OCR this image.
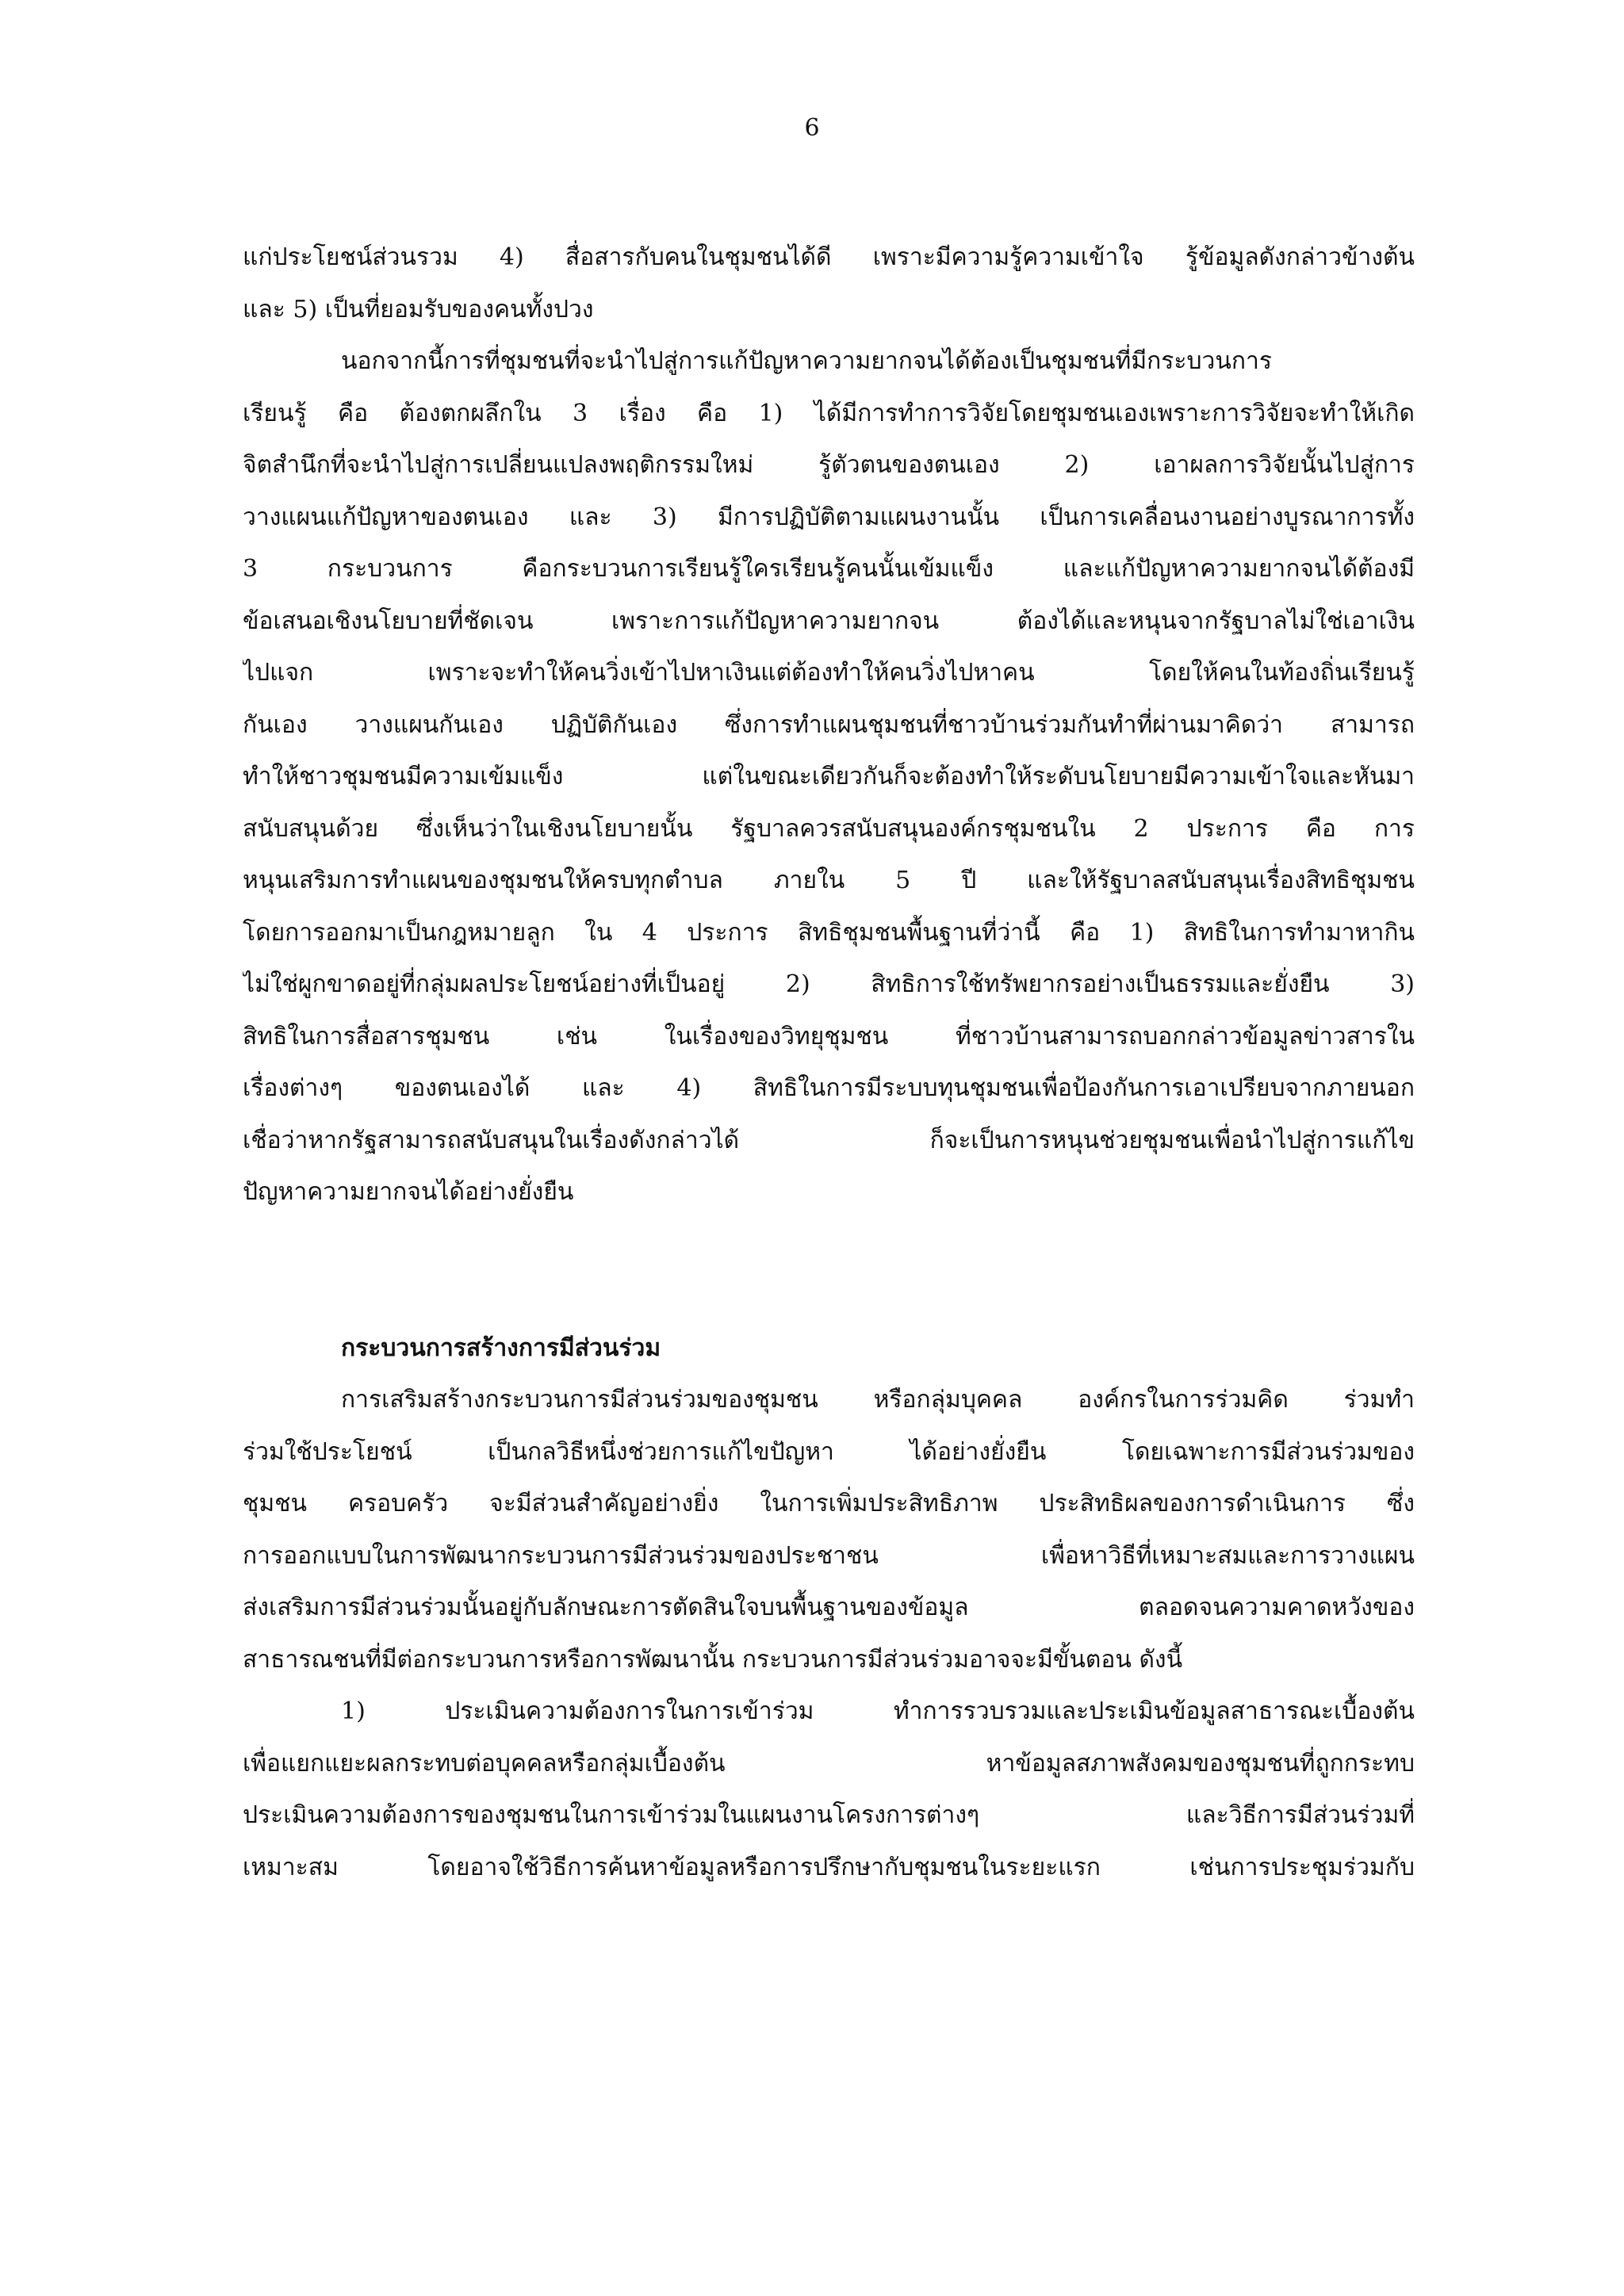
6
แก่ประโยชน์ส่วนรวม 4) สื่อสารกับคนในชุมชนได้ดี เพราะมีความรู้ความเข้าใจ รู้ข้อมูลดังกล่าวข้างต้น
และ 5) เป็นที่ยอมรับของคนทั้งปวง
นอกจากนี้การที่ชุมชนที่จะนำไปสู่การแก้ปัญหาความยากจนได้ต้องเป็นชุมชนที่มีกระบวนการ
เรียนรู้ คือ ต้องตกผลึกใน 3 เรื่อง คือ 1) ได้มีการทำการวิจัยโดยชุมชนเองเพราะการวิจัยจะทำให้เกิด
จิตสำนึกที่จะนำไปสู่การเปลี่ยนแปลงพฤติกรรมใหม่ รู้ตัวตนของตนเอง 2) เอาผลการวิจัยนั้นไปสู่การ
วางแผนแก้ปัญหาของตนเอง และ 3) มีการปฏิบัติตามแผนงานนั้น เป็นการเคลื่อนงานอย่างบูรณาการทั้ง
3 กระบวนการ คือกระบวนการเรียนรู้ใครเรียนรู้คนนั้นเข้มแข็ง และแก้ปัญหาความยากจนได้ต้องมี
ข้อเสนอเชิงนโยบายที่ชัดเจน เพราะการแก้ปัญหาความยากจน ต้องได้และหนุนจากรัฐบาลไม่ใช่เอาเงิน
ไปแจก เพราะจะทำให้คนวิ่งเข้าไปหาเงินแต่ต้องทำให้คนวิ่งไปหาคน โดยให้คนในท้องถิ่นเรียนรู้
กันเอง วางแผนกันเอง ปฏิบัติกันเอง ซึ่งการทำแผนชุมชนที่ชาวบ้านร่วมกันทำที่ผ่านมาคิดว่า สามารถ
ทำให้ชาวชุมชนมีความเข้มแข็ง แต่ในขณะเดียวกันก็จะต้องทำให้ระดับนโยบายมีความเข้าใจและหันมา
สนับสนุนด้วย ซึ่งเห็นว่าในเชิงนโยบายนั้น รัฐบาลควรสนับสนุนองค์กรชุมชนใน 2 ประการ คือ การ
หนุนเสริมการทำแผนของชุมชนให้ครบทุกตำบล ภายใน 5 ปี และให้รัฐบาลสนับสนุนเรื่องสิทธิชุมชน
โดยการออกมาเป็นกฎหมายลูก ใน 4 ประการ สิทธิชุมชนพื้นฐานที่ว่านี้ คือ 1) สิทธิในการทำมาหากิน
ไม่ใช่ผูกขาดอยู่ที่กลุ่มผลประโยชน์อย่างที่เป็นอยู่ 2) สิทธิการใช้ทรัพยากรอย่างเป็นธรรมและยั่งยืน 3)
สิทธิในการสื่อสารชุมชน เช่น ในเรื่องของวิทยุชุมชน ที่ชาวบ้านสามารถบอกกล่าวข้อมูลข่าวสารใน
เรื่องต่างๆ ของตนเองได้ และ 4) สิทธิในการมีระบบทุนชุมชนเพื่อป้องกันการเอาเปรียบจากภายนอก
เชื่อว่าหากรัฐสามารถสนับสนุนในเรื่องดังกล่าวได้ ก็จะเป็นการหนุนช่วยชุมชนเพื่อนำไปสู่การแก้ไข
ปัญหาความยากจนได้อย่างยั่งยืน
กระบวนการสร้างการมีส่วนร่วม
การเสริมสร้างกระบวนการมีส่วนร่วมของชุมชน หรือกลุ่มบุคคล องค์กรในการร่วมคิด ร่วมทำ
ร่วมใช้ประโยชน์ เป็นกลวิธีหนึ่งช่วยการแก้ไขปัญหา ได้อย่างยั่งยืน โดยเฉพาะการมีส่วนร่วมของ
ชุมชน ครอบครัว จะมีส่วนสำคัญอย่างยิ่ง ในการเพิ่มประสิทธิภาพ ประสิทธิผลของการดำเนินการ ซึ่ง
การออกแบบในการพัฒนากระบวนการมีส่วนร่วมของประชาชน เพื่อหาวิธีที่เหมาะสมและการวางแผน
ส่งเสริมการมีส่วนร่วมนั้นอยู่กับลักษณะการตัดสินใจบนพื้นฐานของข้อมูล ตลอดจนความคาดหวังของ
สาธารณชนที่มีต่อกระบวนการหรือการพัฒนานั้น กระบวนการมีส่วนร่วมอาจจะมีขั้นตอน ดังนี้
1) ประเมินความต้องการในการเข้าร่วม ทำการรวบรวมและประเมินข้อมูลสาธารณะเบื้องต้น
เพื่อแยกแยะผลกระทบต่อบุคคลหรือกลุ่มเบื้องต้น หาข้อมูลสภาพสังคมของชุมชนที่ถูกกระทบ
ประเมินความต้องการของชุมชนในการเข้าร่วมในแผนงานโครงการต่างๆ และวิธีการมีส่วนร่วมที่
เหมาะสม โดยอาจใช้วิธีการค้นหาข้อมูลหรือการปรึกษากับชุมชนในระยะแรก เช่นการประชุมร่วมกับ
